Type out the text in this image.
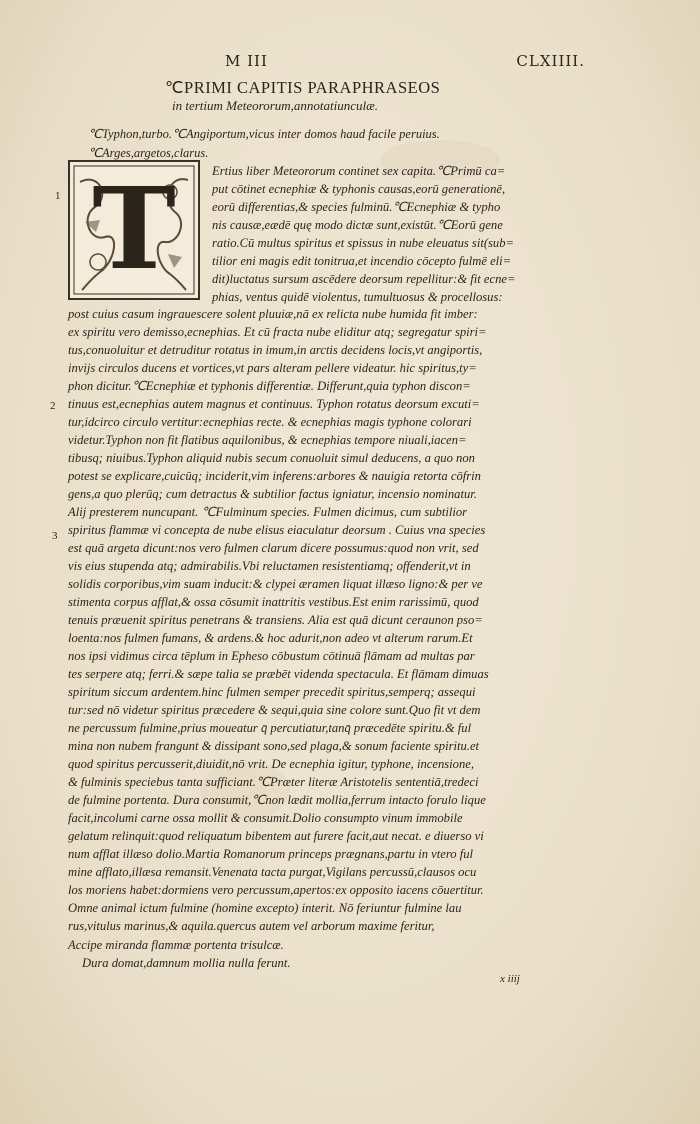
M III	CLXIIII.
℃PRIMI CAPITIS PARAPHRASEOS
in tertium Meteororum,annotatiunculæ.
℃Typhon,turbo.℃Angiportum,vicus inter domos haud facile peruius.
℃Arges,argetos,clarus.
1
2
3
T	Ertius liber Meteororum continet sex capita.℃Primū ca=
put cōtinet ecnephiæ & typhonis causas,eorū generationē,
eorū differentias,& species fulminū.℃Ecnephiæ & typho
nis causæ,eædē quę modo dictæ sunt,existūt.℃Eorū gene
ratio.Cū multus spiritus et spissus in nube eleuatus sit(sub=
tilior eni magis edit tonitrua,et incendio cōcepto fulmē eli=
dit)luctatus sursum ascēdere deorsum repellitur:& fit ecne=
phias, ventus quidē violentus, tumultuosus & procellosus:
post cuius casum ingrauescere solent pluuiæ,nā ex relicta nube humida fit imber:
ex spiritu vero demisso,ecnephias. Et cū fracta nube eliditur atq; segregatur spiri=
tus,conuoluitur et detruditur rotatus in imum,in arctis decidens locis,vt angiportis,
invijs circulos ducens et vortices,vt pars alteram pellere videatur. hic spiritus,ty=
phon dicitur.℃Ecnephiæ et typhonis differentiæ. Differunt,quia typhon discon=
tinuus est,ecnephias autem magnus et continuus. Typhon rotatus deorsum excuti=
tur,idcirco circulo vertitur:ecnephias recte. & ecnephias magis typhone colorari
videtur.Typhon non fit flatibus aquilonibus, & ecnephias tempore niuali,iacen=
tibusq; niuibus.Typhon aliquid nubis secum conuoluit simul deducens, a quo non
potest se explicare,cuicūq; inciderit,vim inferens:arbores & nauigia retorta cōfrin
gens,a quo plerūq; cum detractus & subtilior factus igniatur, incensio nominatur.
Alij presterem nuncupant. ℃Fulminum species. Fulmen dicimus, cum subtilior
spiritus flammæ vi concepta de nube elisus eiaculatur deorsum . Cuius vna species
est quā argeta dicunt:nos vero fulmen clarum dicere possumus:quod non vrit, sed
vis eius stupenda atq; admirabilis.Vbi reluctamen resistentiamq; offenderit,vt in
solidis corporibus,vim suam inducit:& clypei æramen liquat illæso ligno:& per ve
stimenta corpus afflat,& ossa cōsumit inattritis vestibus.Est enim rarissimū, quod
tenuis præuenit spiritus penetrans & transiens. Alia est quā dicunt ceraunon pso=
loenta:nos fulmen fumans, & ardens.& hoc adurit,non adeo vt alterum rarum.Et
nos ipsi vidimus circa tēplum in Epheso cōbustum cōtinuā flāmam ad multas par
tes serpere atq; ferri.& sæpe talia se præbēt videnda spectacula. Et flāmam dimuas
spiritum siccum ardentem.hinc fulmen semper precedit spiritus,semperq; assequi
tur:sed nō videtur spiritus præcedere & sequi,quia sine colore sunt.Quo fit vt dem
ne percussum fulmine,prius moueatur q̄ percutiatur,tanq̄ præcedēte spiritu.& ful
mina non nubem frangunt & dissipant sono,sed plaga,& sonum faciente spiritu.et
quod spiritus percusserit,diuidit,nō vrit. De ecnephia igitur, typhone, incensione,
& fulminis speciebus tanta sufficiant.℃Præter literæ Aristotelis sententiā,tredeci
de fulmine portenta. Dura consumit,℃non lædit mollia,ferrum intacto forulo lique
facit,incolumi carne ossa mollit & consumit.Dolio consumpto vinum immobile
gelatum relinquit:quod reliquatum bibentem aut furere facit,aut necat. e diuerso vi
num afflat illæso dolio.Martia Romanorum princeps prægnans,partu in vtero ful
mine afflato,illæsa remansit.Venenata tacta purgat,Vigilans percussū,clausos ocu
los moriens habet:dormiens vero percussum,apertos:ex opposito iacens cōuertitur.
Omne animal ictum fulmine (homine excepto) interit. Nō feriuntur fulmine lau
rus,vitulus marinus,& aquila.quercus autem vel arborum maxime feritur,
Accipe miranda flammæ portenta trisulcæ.
Dura domat,damnum mollia nulla ferunt.
x iiij
